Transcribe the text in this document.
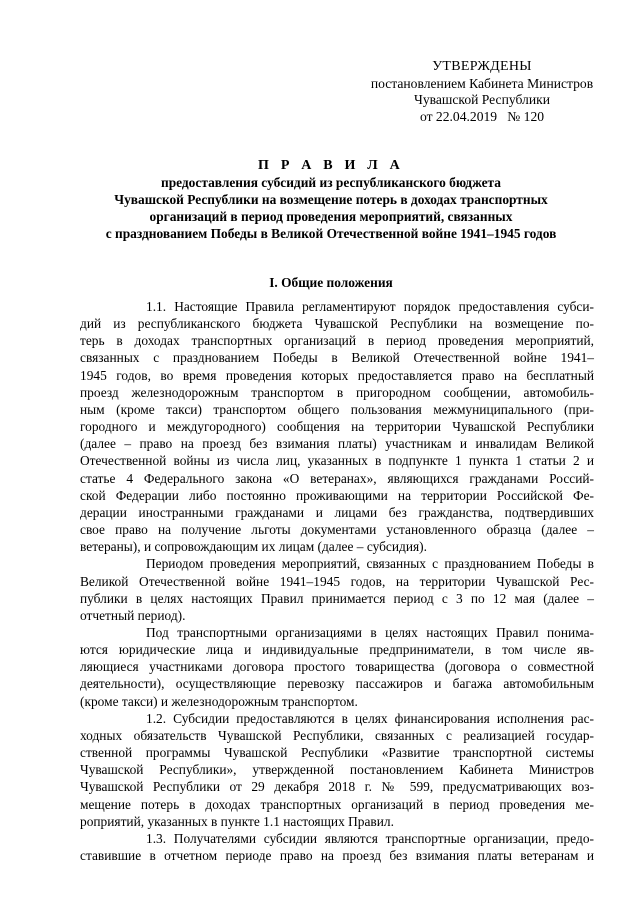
УТВЕРЖДЕНЫ
постановлением Кабинета Министров
Чувашской Республики
от 22.04.2019   № 120
П Р А В И Л А
предоставления субсидий из республиканского бюджета
Чувашской Республики на возмещение потерь в доходах транспортных
организаций в период проведения мероприятий, связанных
с празднованием Победы в Великой Отечественной войне 1941–1945 годов
I. Общие положения
1.1. Настоящие Правила регламентируют порядок предоставления субси-
дий из республиканского бюджета Чувашской Республики на возмещение по-
терь в доходах транспортных организаций в период проведения мероприятий,
связанных с празднованием Победы в Великой Отечественной войне 1941–
1945 годов, во время проведения которых предоставляется право на бесплатный
проезд железнодорожным транспортом в пригородном сообщении, автомобиль-
ным (кроме такси) транспортом общего пользования межмуниципального (при-
городного и междугородного) сообщения на территории Чувашской Республики
(далее – право на проезд без взимания платы) участникам и инвалидам Великой
Отечественной войны из числа лиц, указанных в подпункте 1 пункта 1 статьи 2 и
статье 4 Федерального закона «О ветеранах», являющихся гражданами Россий-
ской Федерации либо постоянно проживающими на территории Российской Фе-
дерации иностранными гражданами и лицами без гражданства, подтвердивших
свое право на получение льготы документами установленного образца (далее –
ветераны), и сопровождающим их лицам (далее – субсидия).
Периодом проведения мероприятий, связанных с празднованием Победы в
Великой Отечественной войне 1941–1945 годов, на территории Чувашской Рес-
публики в целях настоящих Правил принимается период с 3 по 12 мая (далее –
отчетный период).
Под транспортными организациями в целях настоящих Правил понима-
ются юридические лица и индивидуальные предприниматели, в том числе яв-
ляющиеся участниками договора простого товарищества (договора о совместной
деятельности), осуществляющие перевозку пассажиров и багажа автомобильным
(кроме такси) и железнодорожным транспортом.
1.2. Субсидии предоставляются в целях финансирования исполнения рас-
ходных обязательств Чувашской Республики, связанных с реализацией государ-
ственной программы Чувашской Республики «Развитие транспортной системы
Чувашской Республики», утвержденной постановлением Кабинета Министров
Чувашской Республики от 29 декабря 2018 г. № 599, предусматривающих воз-
мещение потерь в доходах транспортных организаций в период проведения ме-
роприятий, указанных в пункте 1.1 настоящих Правил.
1.3. Получателями субсидии являются транспортные организации, предо-
ставившие в отчетном периоде право на проезд без взимания платы ветеранам и
